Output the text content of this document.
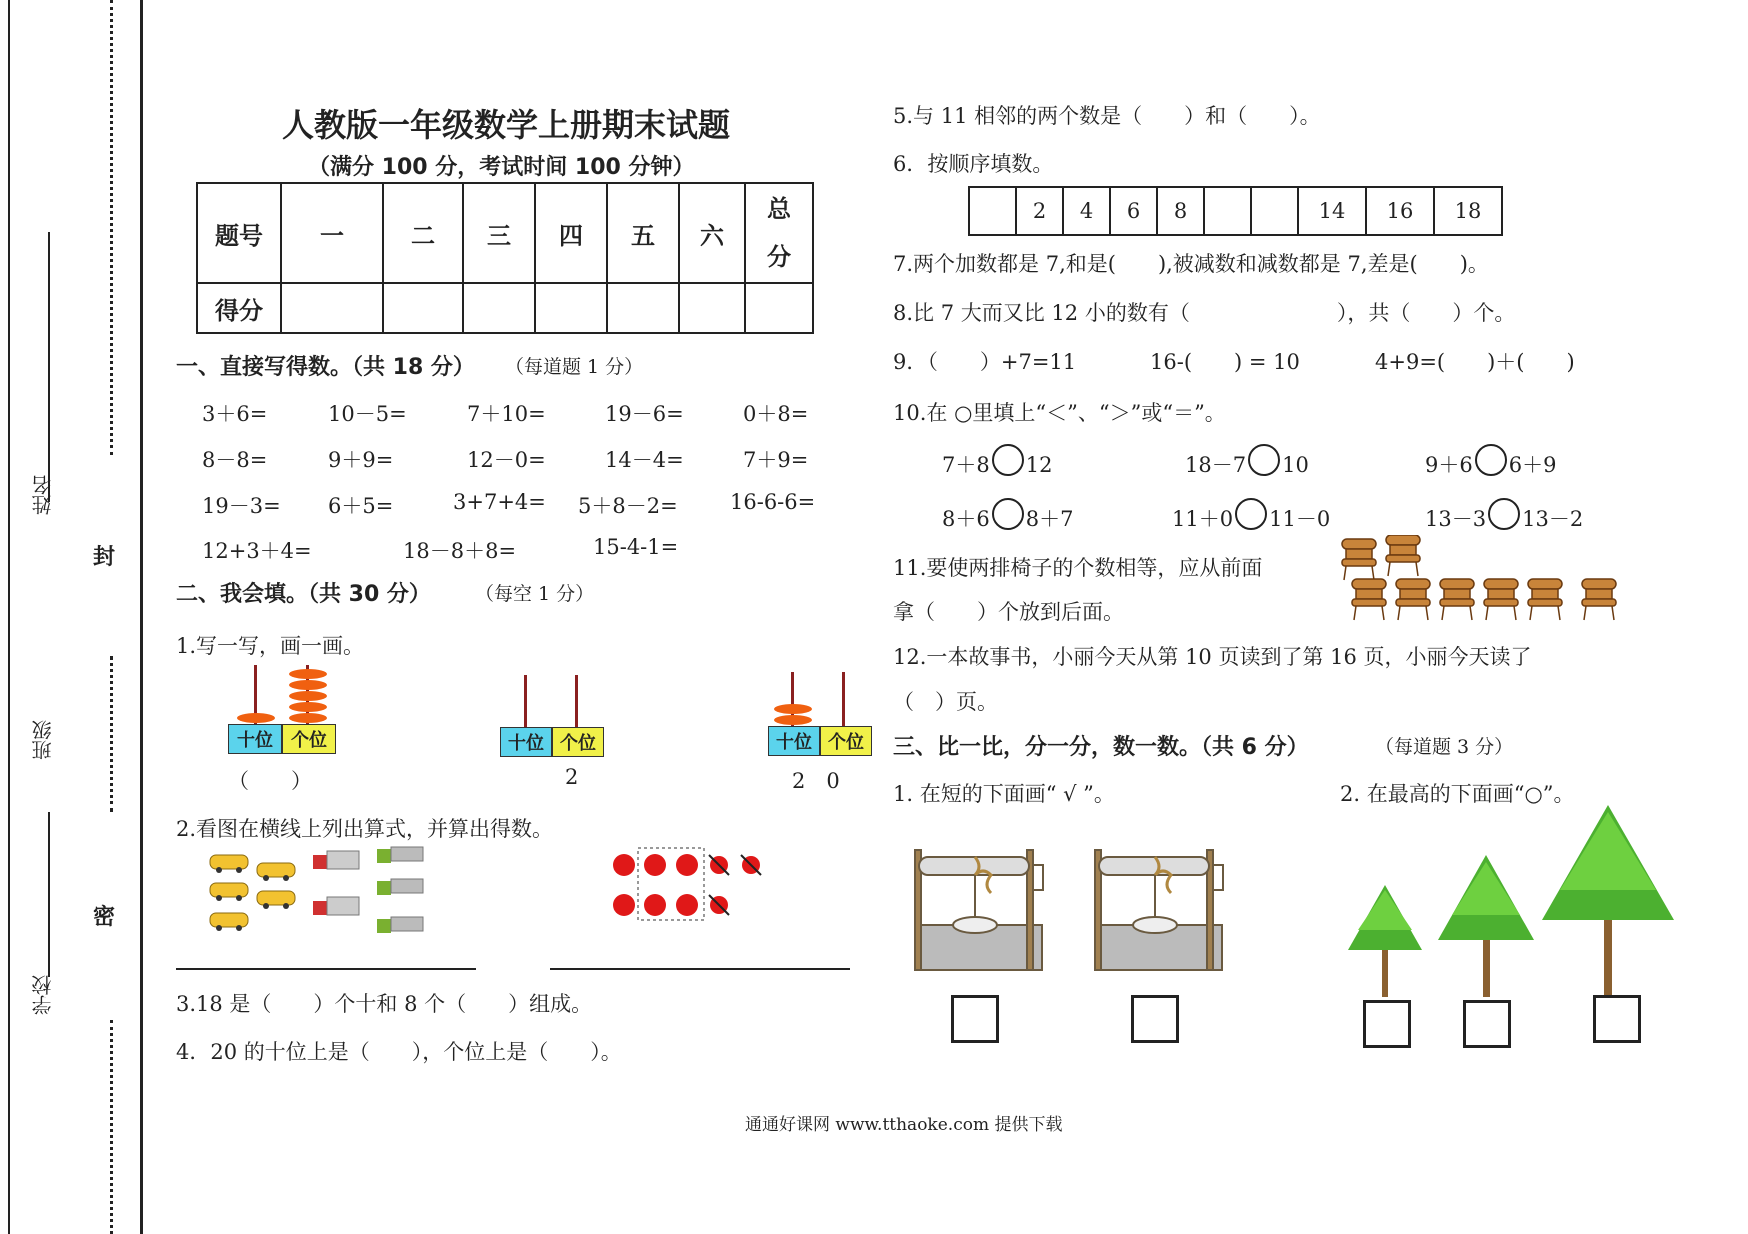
姓名
班级
学校
封
密
人教版一年级数学上册期末试题
（满分 100 分，考试时间 100 分钟）
题号	一	二	三	四	五	六	总
分
得分							
一、直接写得数。（共 18 分） （每道题 1 分）
3＋6=	10－5=	7＋10=	19－6=	0＋8=
8－8=	9＋9=	12－0=	14－4=	7＋9=
19－3= 6＋5=	3+7+4= 5＋8－2= 16-6-6=
12+3＋4=	18－8＋8=	15-4-1=
二、我会填。（共 30 分） （每空 1 分）
1.写一写，画一画。
十位	个位
（　　）
十位 个位
2
十位 个位
2　0
2.看图在横线上列出算式，并算出得数。
3.18 是（　　）个十和 8 个（　　）组成。
4．20 的十位上是（　　），个位上是（　　）。
5.与 11 相邻的两个数是（　　）和（　　）。
6．按顺序填数。
	2	4	6	8			14	16	18
7.两个加数都是 7,和是(　　),被减数和减数都是 7,差是(　　)。
8.比 7 大而又比 12 小的数有（　　　　　　　），共（　　）个。
9．（　　）+7=11	16-(　　) = 10	4+9=(　　)＋(　　)
10.在 ○里填上“＜”、“＞”或“＝”。
7＋8 12	18－7 10	9＋6 6＋9
8＋6 8＋7	11＋0 11－0	13－3 13－2
11.要使两排椅子的个数相等，应从前面
拿（　　）个放到后面。
12.一本故事书，小丽今天从第 10 页读到了第 16 页，小丽今天读了
（　）页。
三、比一比，分一分，数一数。（共 6 分）	（每道题 3 分）
1. 在短的下面画“ √ ”。	2. 在最高的下面画“○”。
通通好课网 www.tthaoke.com 提供下载
